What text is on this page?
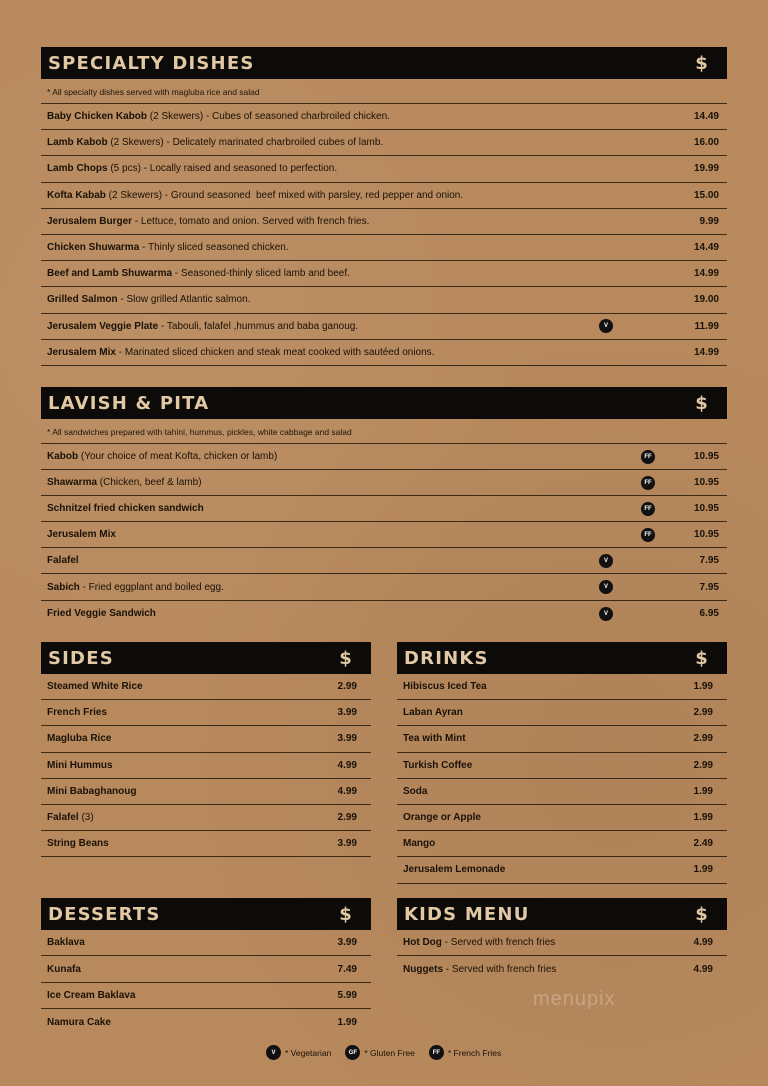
SPECIALTY DISHES	$
* All specialty dishes served with magluba rice and salad
Baby Chicken Kabob (2 Skewers) - Cubes of seasoned charbroiled chicken.	14.49
Lamb Kabob (2 Skewers) - Delicately marinated charbroiled cubes of lamb.	16.00
Lamb Chops (5 pcs) - Locally raised and seasoned to perfection.	19.99
Kofta Kabab (2 Skewers) - Ground seasoned  beef mixed with parsley, red pepper and onion.	15.00
Jerusalem Burger - Lettuce, tomato and onion. Served with french fries.	9.99
Chicken Shuwarma - Thinly sliced seasoned chicken.	14.49
Beef and Lamb Shuwarma - Seasoned-thinly sliced lamb and beef.	14.99
Grilled Salmon - Slow grilled Atlantic salmon.	19.00
Jerusalem Veggie Plate - Tabouli, falafel ,hummus and baba ganoug.	V	11.99
Jerusalem Mix - Marinated sliced chicken and steak meat cooked with sautéed onions.	14.99
LAVISH & PITA	$
* All sandwiches prepared with tahini, hummus, pickles, white cabbage and salad
Kabob (Your choice of meat Kofta, chicken or lamb)	FF	10.95
Shawarma (Chicken, beef & lamb)	FF	10.95
Schnitzel fried chicken sandwich	FF	10.95
Jerusalem Mix	FF	10.95
Falafel	V	7.95
Sabich - Fried eggplant and boiled egg.	V	7.95
Fried Veggie Sandwich	V	6.95
SIDES	$
Steamed White Rice	2.99
French Fries	3.99
Magluba Rice	3.99
Mini Hummus	4.99
Mini Babaghanoug	4.99
Falafel (3)	2.99
String Beans	3.99
DRINKS	$
Hibiscus Iced Tea	1.99
Laban Ayran	2.99
Tea with Mint	2.99
Turkish Coffee	2.99
Soda	1.99
Orange or Apple	1.99
Mango	2.49
Jerusalem Lemonade	1.99
DESSERTS	$
Baklava	3.99
Kunafa	7.49
Ice Cream Baklava	5.99
Namura Cake	1.99
KIDS MENU	$
Hot Dog - Served with french fries	4.99
Nuggets - Served with french fries	4.99
menupix
V	* Vegetarian	GF * Gluten Free	FF * French Fries
